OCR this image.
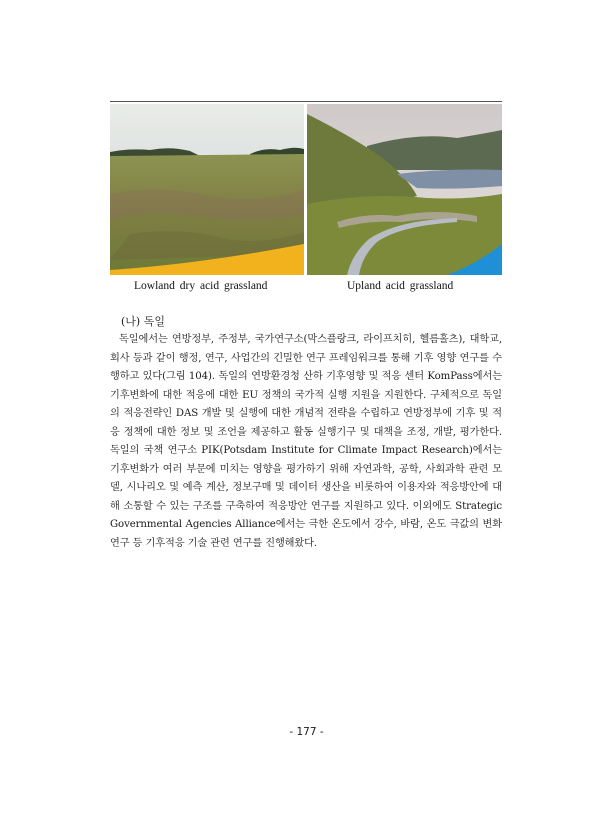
Lowland dry acid grassland	Upland acid grassland
(나) 독일
독일에서는 연방정부, 주정부, 국가연구소(막스플랑크, 라이프치히, 헬름홀츠), 대학교, 회사 등과 같이 행정, 연구, 사업간의 긴밀한 연구 프레임워크를 통해 기후 영향 연구를 수행하고 있다(그림 104). 독일의 연방환경청 산하 기후영향 및 적응 센터 KomPass에서는 기후변화에 대한 적응에 대한 EU 정책의 국가적 실행 지원을 지원한다. 구체적으로 독일의 적응전략인 DAS 개발 및 실행에 대한 개념적 전략을 수립하고 연방정부에 기후 및 적응 정책에 대한 정보 및 조언을 제공하고 활동 실행기구 및 대책을 조정, 개발, 평가한다. 독일의 국책 연구소 PIK(Potsdam Institute for Climate Impact Research)에서는 기후변화가 여러 부문에 미치는 영향을 평가하기 위해 자연과학, 공학, 사회과학 관련 모델, 시나리오 및 예측 계산, 정보구매 및 데이터 생산을 비롯하여 이용자와 적응방안에 대해 소통할 수 있는 구조를 구축하여 적응방안 연구를 지원하고 있다. 이외에도 Strategic Governmental Agencies Alliance에서는 극한 온도에서 강수, 바람, 온도 극값의 변화 연구 등 기후적응 기술 관련 연구를 진행해왔다.
- 177 -
